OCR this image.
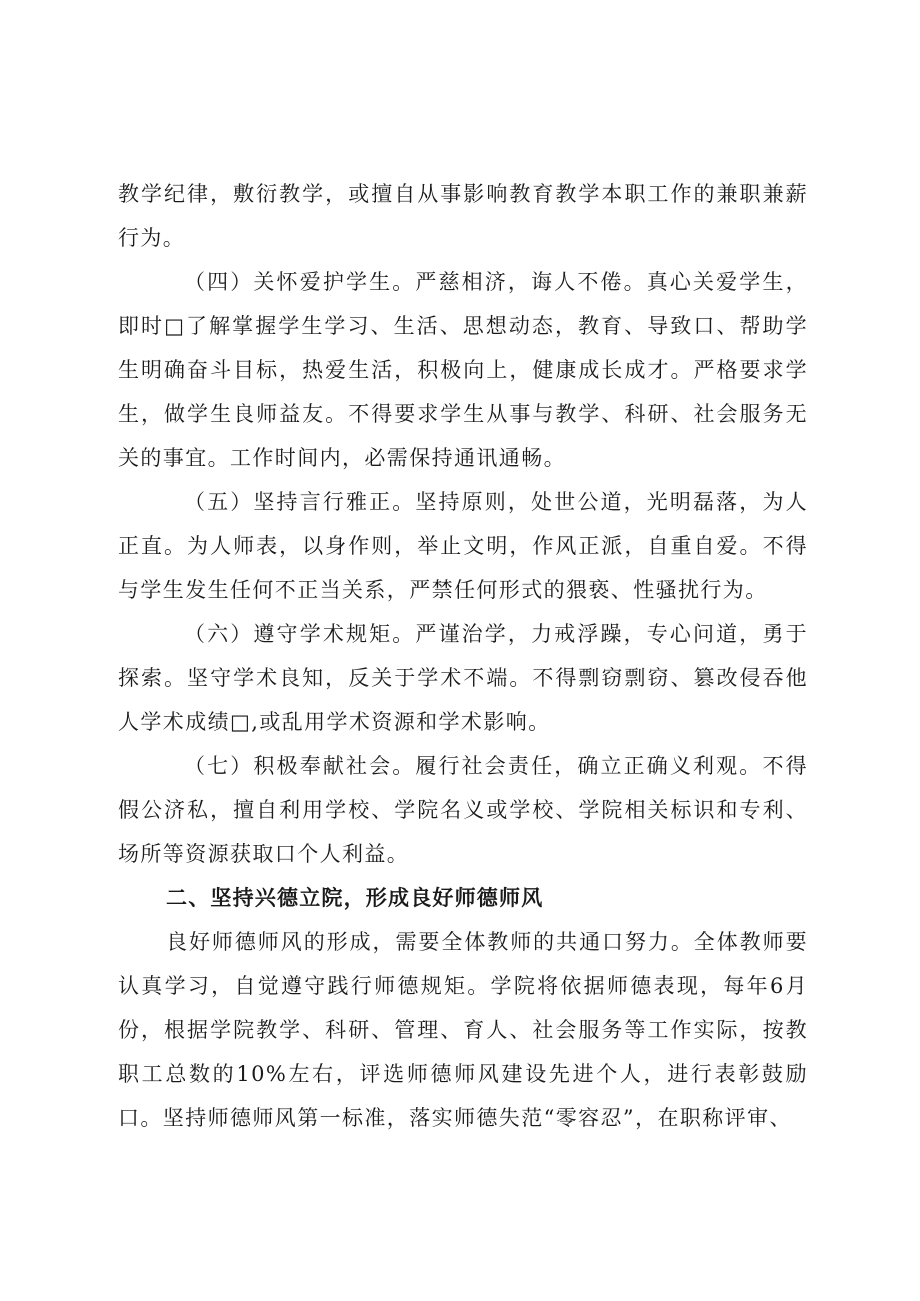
教学纪律，敷衍教学，或擅自从事影响教育教学本职工作的兼职兼薪行为。

（四）关怀爱护学生。严慈相济，诲人不倦。真心关爱学生，即时□了解掌握学生学习、生活、思想动态，教育、导致口、帮助学生明确奋斗目标，热爱生活，积极向上，健康成长成才。严格要求学生，做学生良师益友。不得要求学生从事与教学、科研、社会服务无关的事宜。工作时间内，必需保持通讯通畅。

（五）坚持言行雅正。坚持原则，处世公道，光明磊落，为人正直。为人师表，以身作则，举止文明，作风正派，自重自爱。不得与学生发生任何不正当关系，严禁任何形式的猥亵、性骚扰行为。

（六）遵守学术规矩。严谨治学，力戒浮躁，专心问道，勇于探索。坚守学术良知，反关于学术不端。不得剽窃剽窃、篡改侵吞他人学术成绩□,或乱用学术资源和学术影响。

（七）积极奉献社会。履行社会责任，确立正确义利观。不得假公济私，擅自利用学校、学院名义或学校、学院相关标识和专利、场所等资源获取口个人利益。

二、坚持兴德立院，形成良好师德师风

良好师德师风的形成，需要全体教师的共通口努力。全体教师要认真学习，自觉遵守践行师德规矩。学院将依据师德表现，每年6月份，根据学院教学、科研、管理、育人、社会服务等工作实际，按教职工总数的10%左右，评选师德师风建设先进个人，进行表彰鼓励口。坚持师德师风第一标准，落实师德失范“零容忍”，在职称评审、
